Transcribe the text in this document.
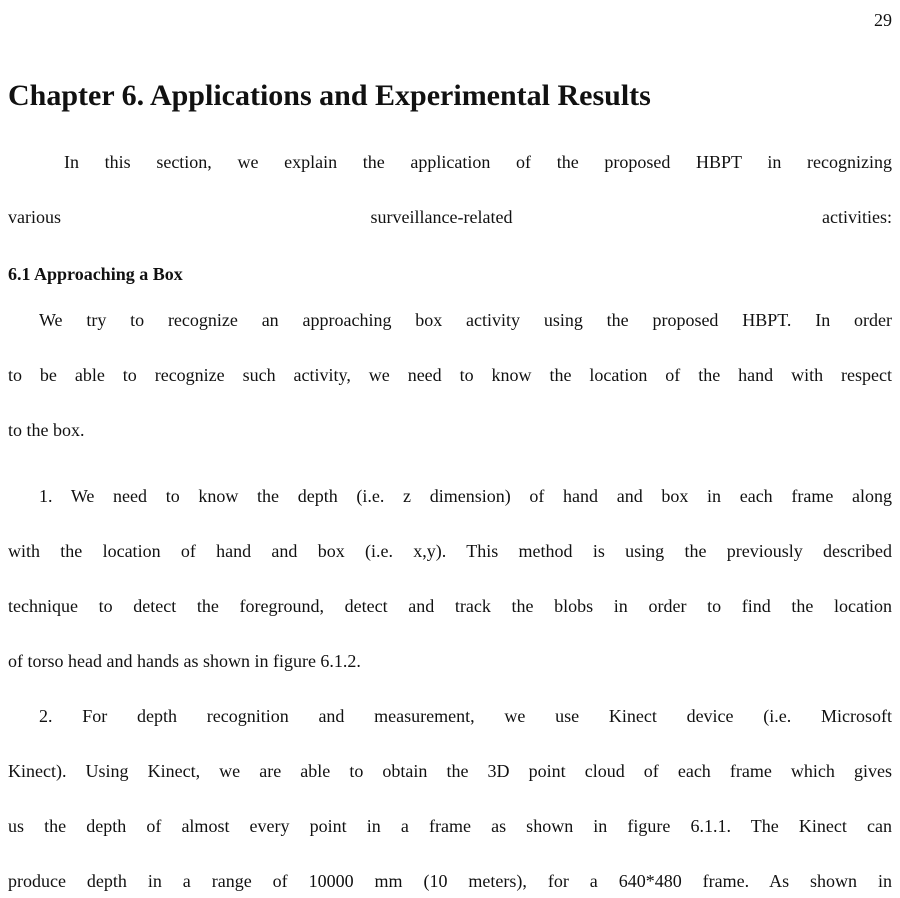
29
Chapter 6. Applications and Experimental Results
In this section, we explain the application of the proposed HBPT in recognizing
various surveillance-related activities:
6.1 Approaching a Box
We try to recognize an approaching box activity using the proposed HBPT. In order
to be able to recognize such activity, we need to know the location of the hand with respect
to the box.
1. We need to know the depth (i.e. z dimension) of hand and box in each frame along
with the location of hand and box (i.e. x,y). This method is using the previously described
technique to detect the foreground, detect and track the blobs in order to find the location
of torso head and hands as shown in figure 6.1.2.
2. For depth recognition and measurement, we use Kinect device (i.e. Microsoft
Kinect). Using Kinect, we are able to obtain the 3D point cloud of each frame which gives
us the depth of almost every point in a frame as shown in figure 6.1.1. The Kinect can
produce depth in a range of 10000 mm (10 meters), for a 640*480 frame. As shown in
